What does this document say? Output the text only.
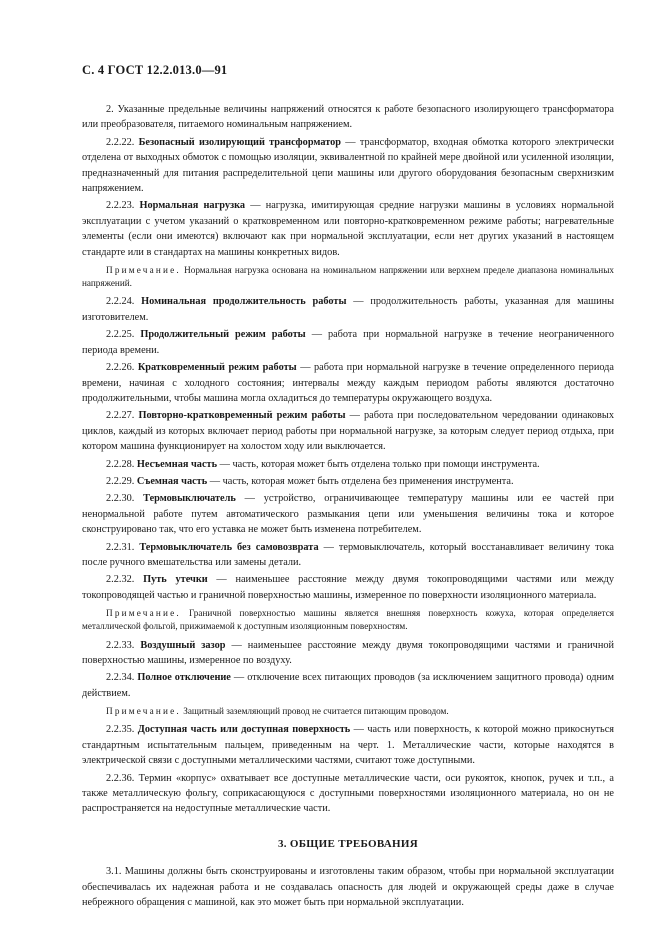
С. 4 ГОСТ 12.2.013.0—91
2. Указанные предельные величины напряжений относятся к работе безопасного изолирующего трансформатора или преобразователя, питаемого номинальным напряжением.
2.2.22. Безопасный изолирующий трансформатор — трансформатор, входная обмотка которого электрически отделена от выходных обмоток с помощью изоляции, эквивалентной по крайней мере двойной или усиленной изоляции, предназначенный для питания распределительной цепи машины или другого оборудования безопасным сверхнизким напряжением.
2.2.23. Нормальная нагрузка — нагрузка, имитирующая средние нагрузки машины в условиях нормальной эксплуатации с учетом указаний о кратковременном или повторно-кратковременном режиме работы; нагревательные элементы (если они имеются) включают как при нормальной эксплуатации, если нет других указаний в настоящем стандарте или в стандартах на машины конкретных видов.
Примечание. Нормальная нагрузка основана на номинальном напряжении или верхнем пределе диапазона номинальных напряжений.
2.2.24. Номинальная продолжительность работы — продолжительность работы, указанная для машины изготовителем.
2.2.25. Продолжительный режим работы — работа при нормальной нагрузке в течение неограниченного периода времени.
2.2.26. Кратковременный режим работы — работа при нормальной нагрузке в течение определенного периода времени, начиная с холодного состояния; интервалы между каждым периодом работы являются достаточно продолжительными, чтобы машина могла охладиться до температуры окружающего воздуха.
2.2.27. Повторно-кратковременный режим работы — работа при последовательном чередовании одинаковых циклов, каждый из которых включает период работы при нормальной нагрузке, за которым следует период отдыха, при котором машина функционирует на холостом ходу или выключается.
2.2.28. Несъемная часть — часть, которая может быть отделена только при помощи инструмента.
2.2.29. Съемная часть — часть, которая может быть отделена без применения инструмента.
2.2.30. Термовыключатель — устройство, ограничивающее температуру машины или ее частей при ненормальной работе путем автоматического размыкания цепи или уменьшения величины тока и которое сконструировано так, что его уставка не может быть изменена потребителем.
2.2.31. Термовыключатель без самовозврата — термовыключатель, который восстанавливает величину тока после ручного вмешательства или замены детали.
2.2.32. Путь утечки — наименьшее расстояние между двумя токопроводящими частями или между токопроводящей частью и граничной поверхностью машины, измеренное по поверхности изоляционного материала.
Примечание. Граничной поверхностью машины является внешняя поверхность кожуха, которая определяется металлической фольгой, прижимаемой к доступным изоляционным поверхностям.
2.2.33. Воздушный зазор — наименьшее расстояние между двумя токопроводящими частями и граничной поверхностью машины, измеренное по воздуху.
2.2.34. Полное отключение — отключение всех питающих проводов (за исключением защитного провода) одним действием.
Примечание. Защитный заземляющий провод не считается питающим проводом.
2.2.35. Доступная часть или доступная поверхность — часть или поверхность, к которой можно прикоснуться стандартным испытательным пальцем, приведенным на черт. 1. Металлические части, которые находятся в электрической связи с доступными металлическими частями, считают тоже доступными.
2.2.36. Термин «корпус» охватывает все доступные металлические части, оси рукояток, кнопок, ручек и т.п., а также металлическую фольгу, соприкасающуюся с доступными поверхностями изоляционного материала, но он не распространяется на недоступные металлические части.
3. ОБЩИЕ ТРЕБОВАНИЯ
3.1. Машины должны быть сконструированы и изготовлены таким образом, чтобы при нормальной эксплуатации обеспечивалась их надежная работа и не создавалась опасность для людей и окружающей среды даже в случае небрежного обращения с машиной, как это может быть при нормальной эксплуатации.
